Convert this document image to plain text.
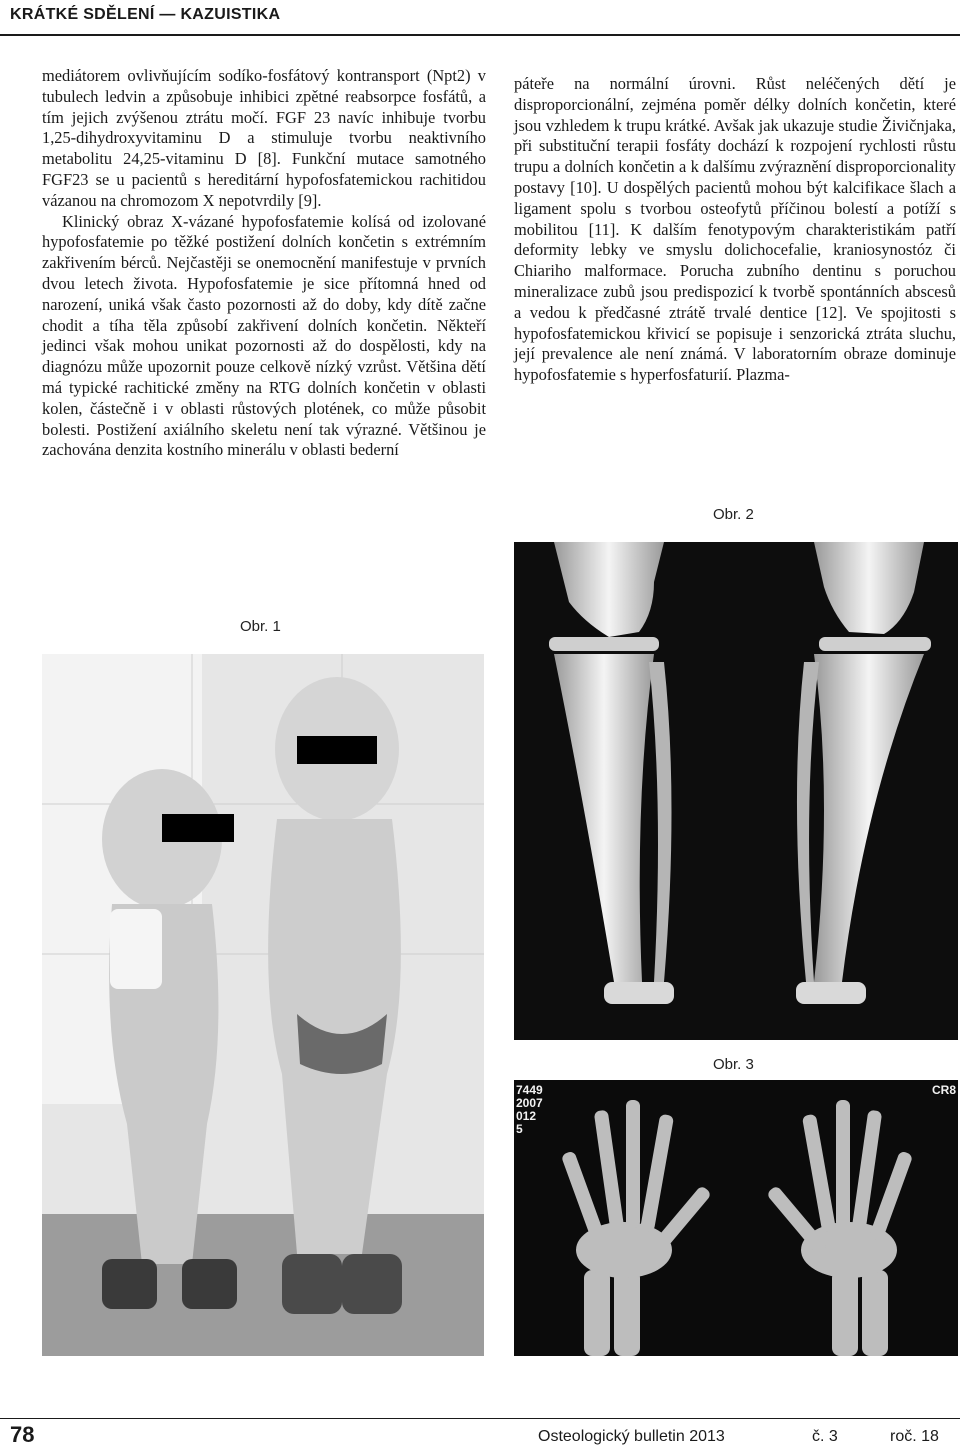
KRÁTKÉ SDĚLENÍ — KAZUISTIKA

mediátorem ovlivňujícím sodíko-fosfátový kontransport (Npt2) v tubulech ledvin a způsobuje inhibici zpětné reabsorpce fosfátů, a tím jejich zvýšenou ztrátu močí. FGF 23 navíc inhibuje tvorbu 1,25-dihydroxyvitaminu D a stimuluje tvorbu neaktivního metabolitu 24,25-vitaminu D [8]. Funkční mutace samotného FGF23 se u pacientů s hereditární hypofosfatemickou rachitidou vázanou na chromozom X nepotvrdily [9].

Klinický obraz X-vázané hypofosfatemie kolísá od izolované hypofosfatemie po těžké postižení dolních končetin s extrémním zakřivením bérců. Nejčastěji se onemocnění manifestuje v prvních dvou letech života. Hypofosfatemie je sice přítomná hned od narození, uniká však často pozornosti až do doby, kdy dítě začne chodit a tíha těla způsobí zakřivení dolních končetin. Někteří jedinci však mohou unikat pozornosti až do dospělosti, kdy na diagnózu může upozornit pouze celkově nízký vzrůst. Většina dětí má typické rachitické změny na RTG dolních končetin v oblasti kolen, částečně i v oblasti růstových plotének, co může působit bolesti. Postižení axiálního skeletu není tak výrazné. Většinou je zachována denzita kostního minerálu v oblasti bederní

páteře na normální úrovni. Růst neléčených dětí je disproporcionální, zejména poměr délky dolních končetin, které jsou vzhledem k trupu krátké. Avšak jak ukazuje studie Živičnjaka, při substituční terapii fosfáty dochází k rozpojení rychlosti růstu trupu a dolních končetin a k dalšímu zvýraznění disproporcionality postavy [10]. U dospělých pacientů mohou být kalcifikace šlach a ligament spolu s tvorbou osteofytů příčinou bolestí a potíží s mobilitou [11]. K dalším fenotypovým charakteristikám patří deformity lebky ve smyslu dolichocefalie, kraniosynostóz či Chiariho malformace. Porucha zubního dentinu s poruchou mineralizace zubů jsou predispozicí k tvorbě spontánních abscesů a vedou k předčasné ztrátě trvalé dentice [12]. Ve spojitosti s hypofosfatemickou křivicí se popisuje i senzorická ztráta sluchu, její prevalence ale není známá. V laboratorním obraze dominuje hypofosfatemie s hyperfosfaturií. Plazma-

Obr. 2
Obr. 1
Obr. 3
7449
2007
012
5
CR8
78	Osteologický bulletin 2013	č. 3	roč. 18
